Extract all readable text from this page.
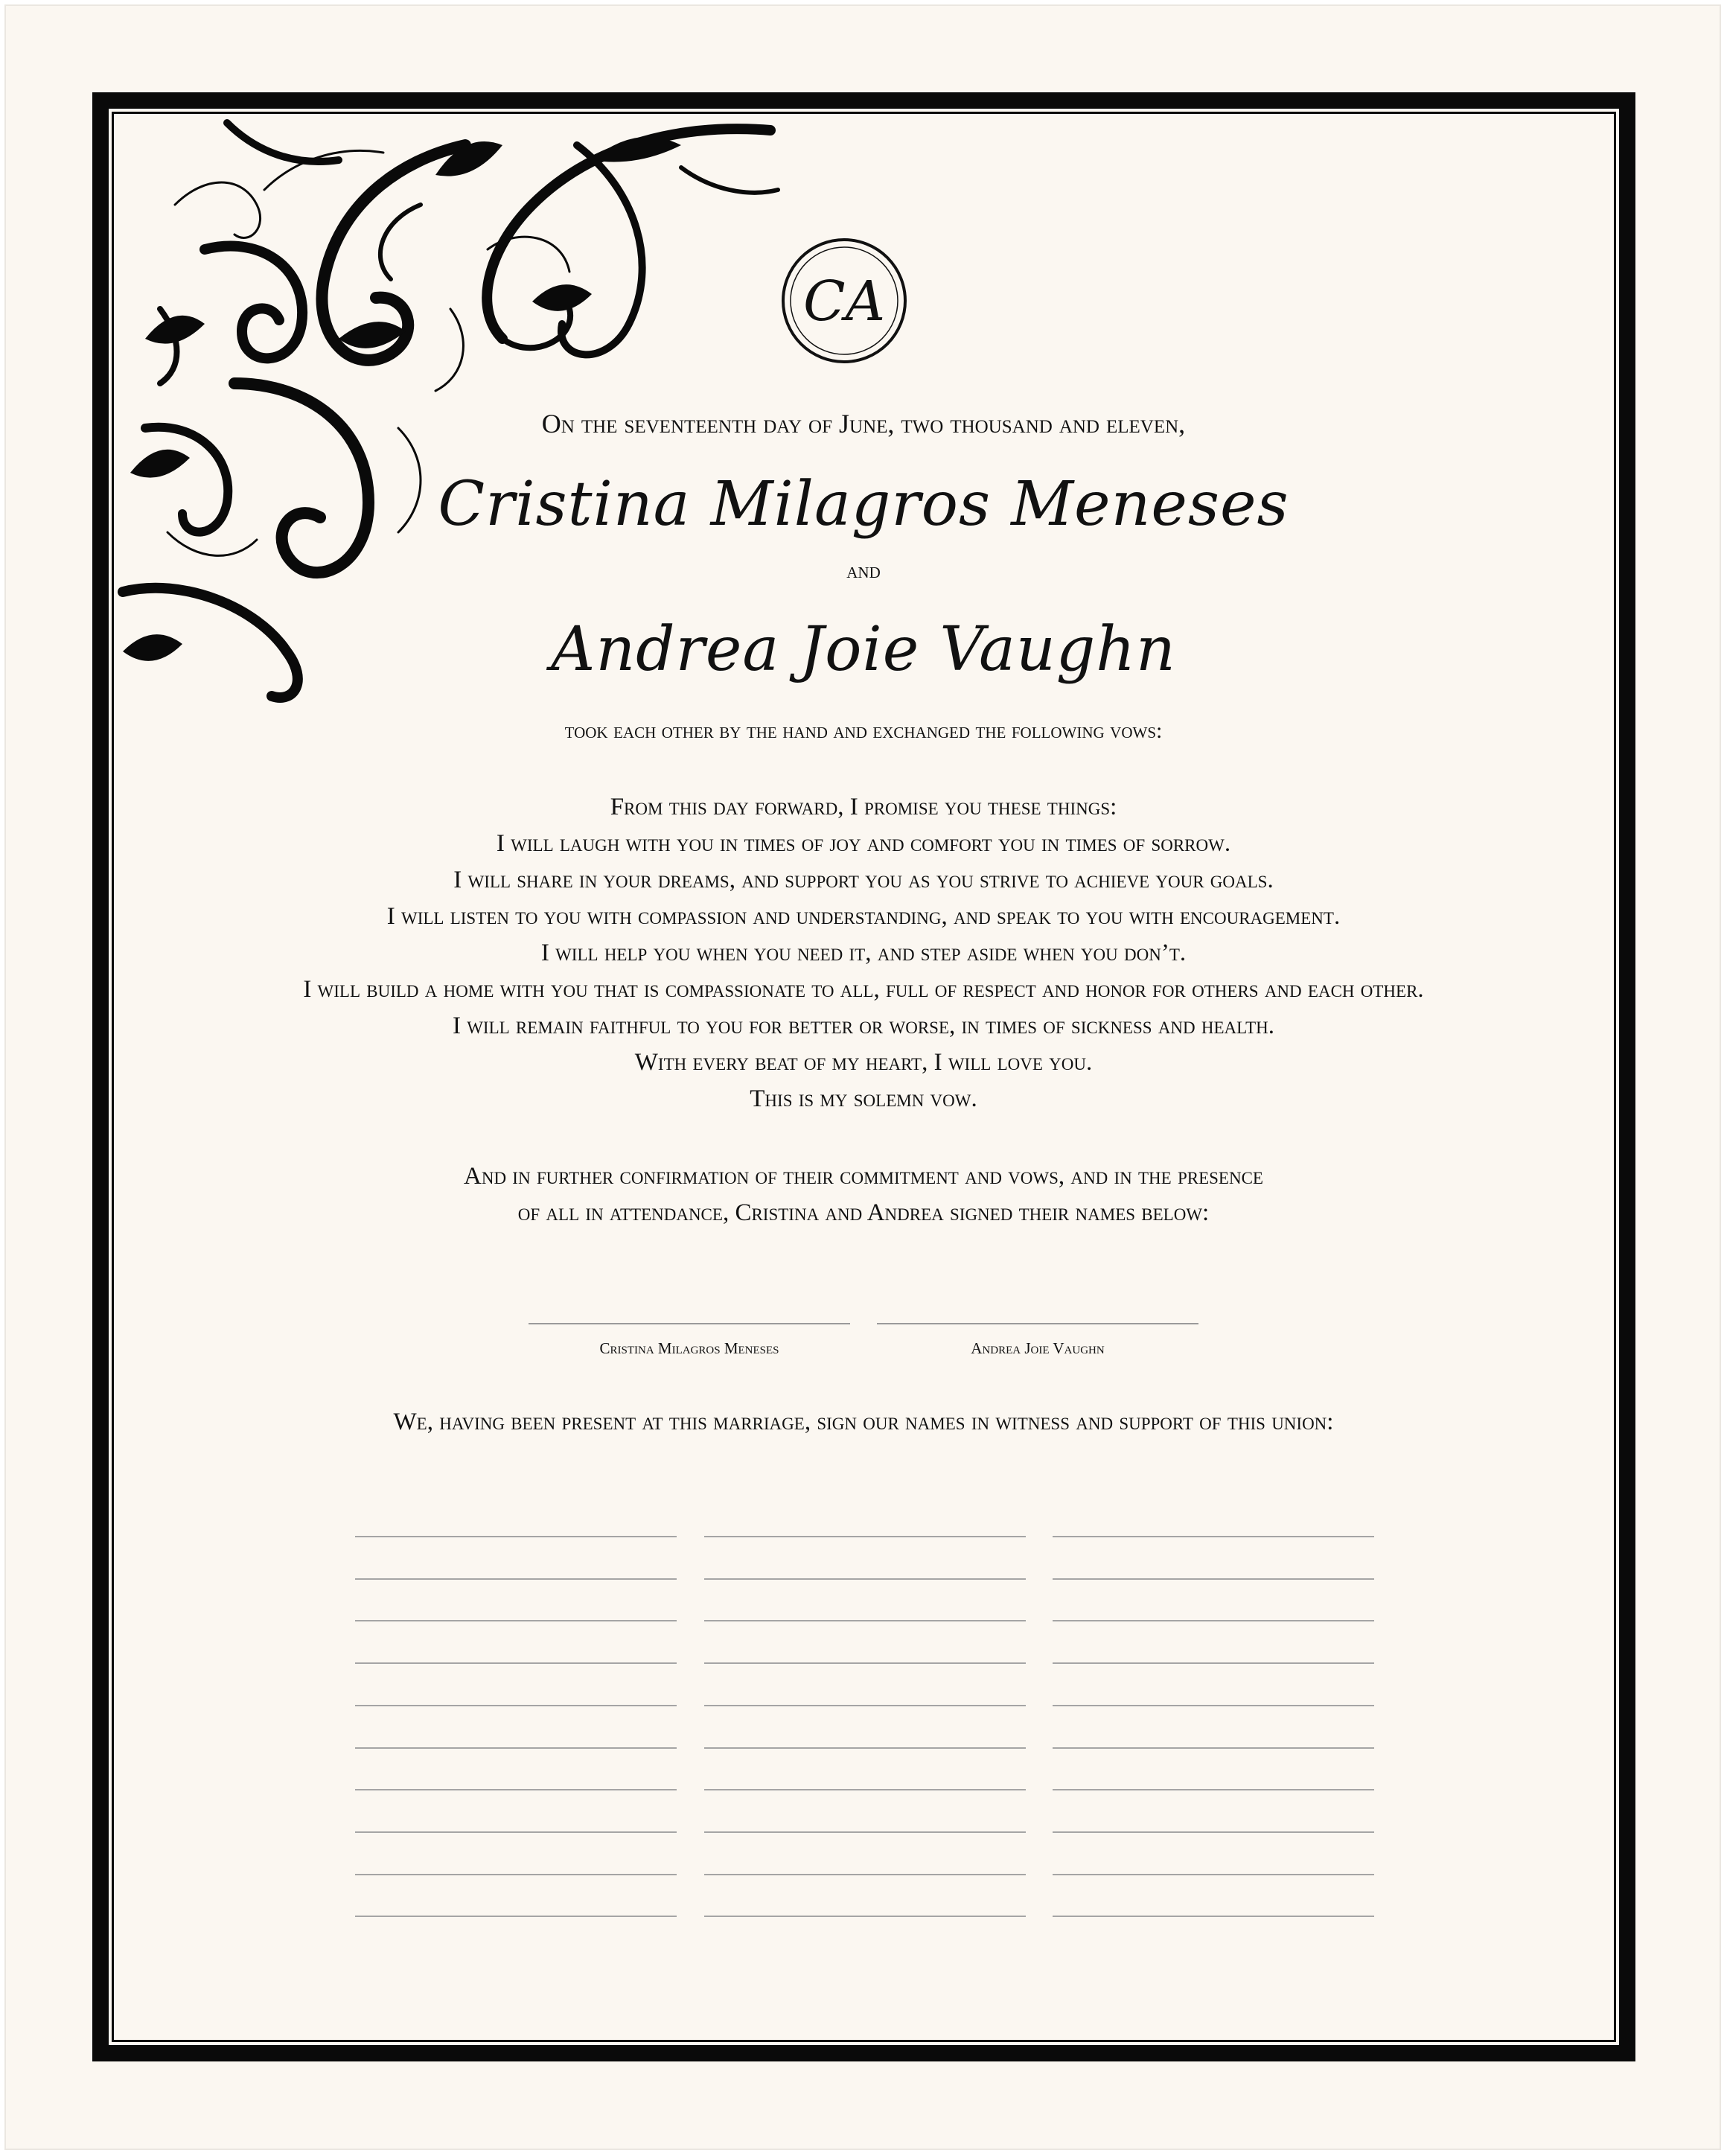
CA
On the seventeenth day of June, two thousand and eleven,
Cristina Milagros Meneses
and
Andrea Joie Vaughn
took each other by the hand and exchanged the following vows:
From this day forward, I promise you these things:
I will laugh with you in times of joy and comfort you in times of sorrow.
I will share in your dreams, and support you as you strive to achieve your goals.
I will listen to you with compassion and understanding, and speak to you with encouragement.
I will help you when you need it, and step aside when you don’t.
I will build a home with you that is compassionate to all, full of respect and honor for others and each other.
I will remain faithful to you for better or worse, in times of sickness and health.
With every beat of my heart, I will love you.
This is my solemn vow.
And in further confirmation of their commitment and vows, and in the presence
of all in attendance, Cristina and Andrea signed their names below:
Cristina Milagros Meneses	Andrea Joie Vaughn
We, having been present at this marriage, sign our names in witness and support of this union:
